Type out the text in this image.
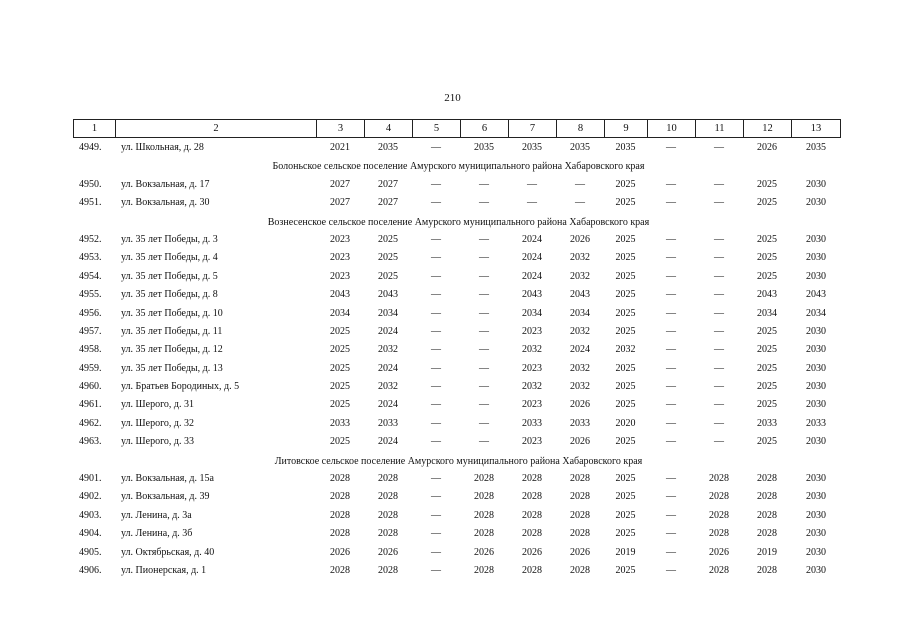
210
1	2	3	4	5	6	7	8	9	10	11	12	13
4949. ул. Школьная, д. 28	2021	2035	—	2035	2035	2035	2035	—	—	2026	2035
Болоньское сельское поселение Амурского муниципального района Хабаровского края
4950. ул. Вокзальная, д. 17	2027	2027	—	—	—	—	2025	—	—	2025	2030
4951. ул. Вокзальная, д. 30	2027	2027	—	—	—	—	2025	—	—	2025	2030
Вознесенское сельское поселение Амурского муниципального района Хабаровского края
4952. ул. 35 лет Победы, д. 3	2023	2025	—	—	2024	2026	2025	—	—	2025	2030
4953. ул. 35 лет Победы, д. 4	2023	2025	—	—	2024	2032	2025	—	—	2025	2030
4954. ул. 35 лет Победы, д. 5	2023	2025	—	—	2024	2032	2025	—	—	2025	2030
4955. ул. 35 лет Победы, д. 8	2043	2043	—	—	2043	2043	2025	—	—	2043	2043
4956. ул. 35 лет Победы, д. 10	2034	2034	—	—	2034	2034	2025	—	—	2034	2034
4957. ул. 35 лет Победы, д. 11	2025	2024	—	—	2023	2032	2025	—	—	2025	2030
4958. ул. 35 лет Победы, д. 12	2025	2032	—	—	2032	2024	2032	—	—	2025	2030
4959. ул. 35 лет Победы, д. 13	2025	2024	—	—	2023	2032	2025	—	—	2025	2030
4960. ул. Братьев Бородиных, д. 5	2025	2032	—	—	2032	2032	2025	—	—	2025	2030
4961. ул. Шерого, д. 31	2025	2024	—	—	2023	2026	2025	—	—	2025	2030
4962. ул. Шерого, д. 32	2033	2033	—	—	2033	2033	2020	—	—	2033	2033
4963. ул. Шерого, д. 33	2025	2024	—	—	2023	2026	2025	—	—	2025	2030
Литовское сельское поселение Амурского муниципального района Хабаровского края
4901. ул. Вокзальная, д. 15а	2028	2028	—	2028	2028	2028	2025	—	2028	2028	2030
4902. ул. Вокзальная, д. 39	2028	2028	—	2028	2028	2028	2025	—	2028	2028	2030
4903. ул. Ленина, д. 3а	2028	2028	—	2028	2028	2028	2025	—	2028	2028	2030
4904. ул. Ленина, д. 3б	2028	2028	—	2028	2028	2028	2025	—	2028	2028	2030
4905. ул. Октябрьская, д. 40	2026	2026	—	2026	2026	2026	2019	—	2026	2019	2030
4906. ул. Пионерская, д. 1	2028	2028	—	2028	2028	2028	2025	—	2028	2028	2030
